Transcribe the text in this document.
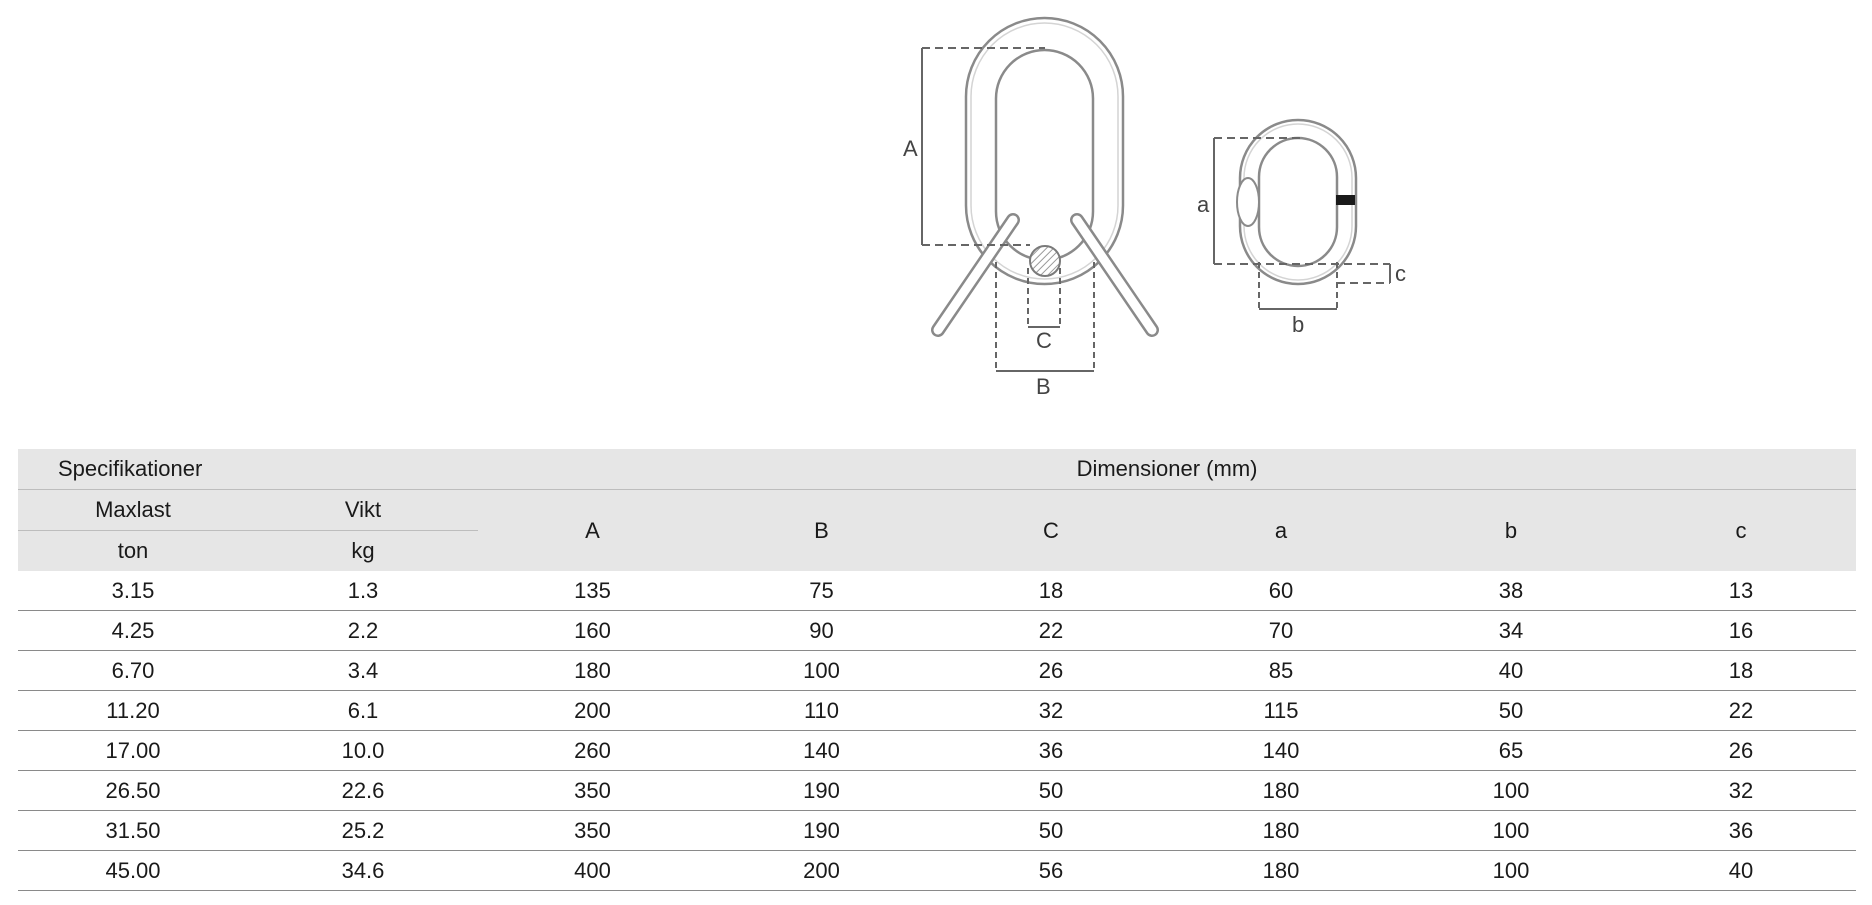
A
B
C
a
b
c
Specifikationer		Dimensioner (mm)					
Maxlast	Vikt	A	B	C	a	b	c
ton	kg						
3.15	1.3	135	75	18	60	38	13
4.25	2.2	160	90	22	70	34	16
6.70	3.4	180	100	26	85	40	18
11.20	6.1	200	110	32	115	50	22
17.00	10.0	260	140	36	140	65	26
26.50	22.6	350	190	50	180	100	32
31.50	25.2	350	190	50	180	100	36
45.00	34.6	400	200	56	180	100	40
